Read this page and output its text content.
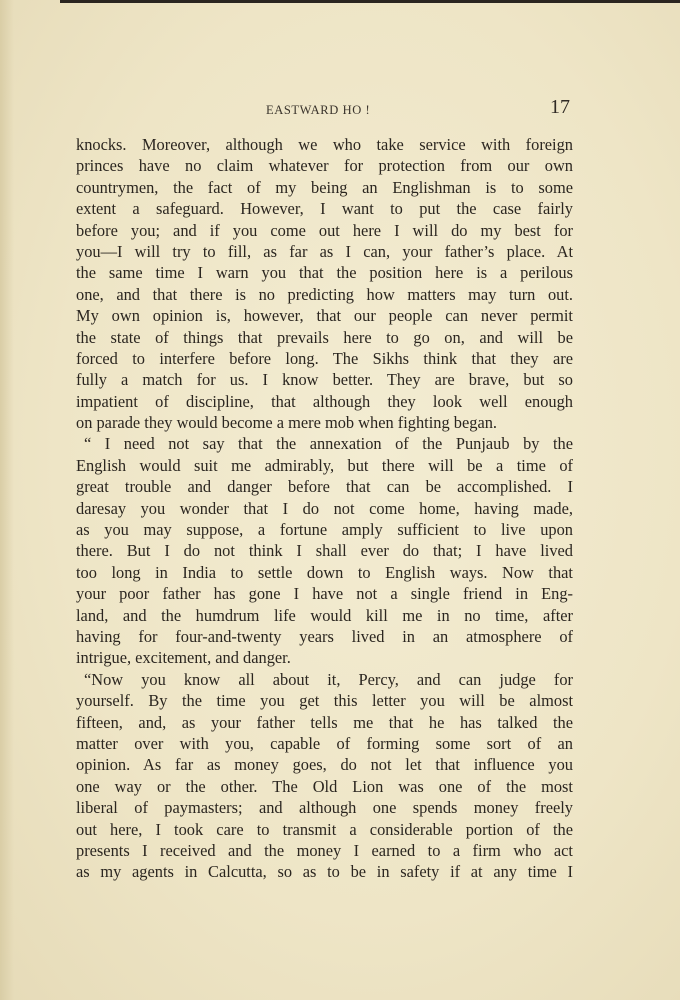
EASTWARD HO !	17
knocks. Moreover, although we who take service with foreign
princes have no claim whatever for protection from our own
countrymen, the fact of my being an Englishman is to some
extent a safeguard. However, I want to put the case fairly
before you; and if you come out here I will do my best for
you—I will try to fill, as far as I can, your father’s place. At
the same time I warn you that the position here is a perilous
one, and that there is no predicting how matters may turn out.
My own opinion is, however, that our people can never permit
the state of things that prevails here to go on, and will be
forced to interfere before long. The Sikhs think that they are
fully a match for us. I know better. They are brave, but so
impatient of discipline, that although they look well enough
on parade they would become a mere mob when fighting began.
“ I need not say that the annexation of the Punjaub by the
English would suit me admirably, but there will be a time of
great trouble and danger before that can be accomplished. I
daresay you wonder that I do not come home, having made,
as you may suppose, a fortune amply sufficient to live upon
there. But I do not think I shall ever do that; I have lived
too long in India to settle down to English ways. Now that
your poor father has gone I have not a single friend in Eng-
land, and the humdrum life would kill me in no time, after
having for four-and-twenty years lived in an atmosphere of
intrigue, excitement, and danger.
“Now you know all about it, Percy, and can judge for
yourself. By the time you get this letter you will be almost
fifteen, and, as your father tells me that he has talked the
matter over with you, capable of forming some sort of an
opinion. As far as money goes, do not let that influence you
one way or the other. The Old Lion was one of the most
liberal of paymasters; and although one spends money freely
out here, I took care to transmit a considerable portion of the
presents I received and the money I earned to a firm who act
as my agents in Calcutta, so as to be in safety if at any time I
